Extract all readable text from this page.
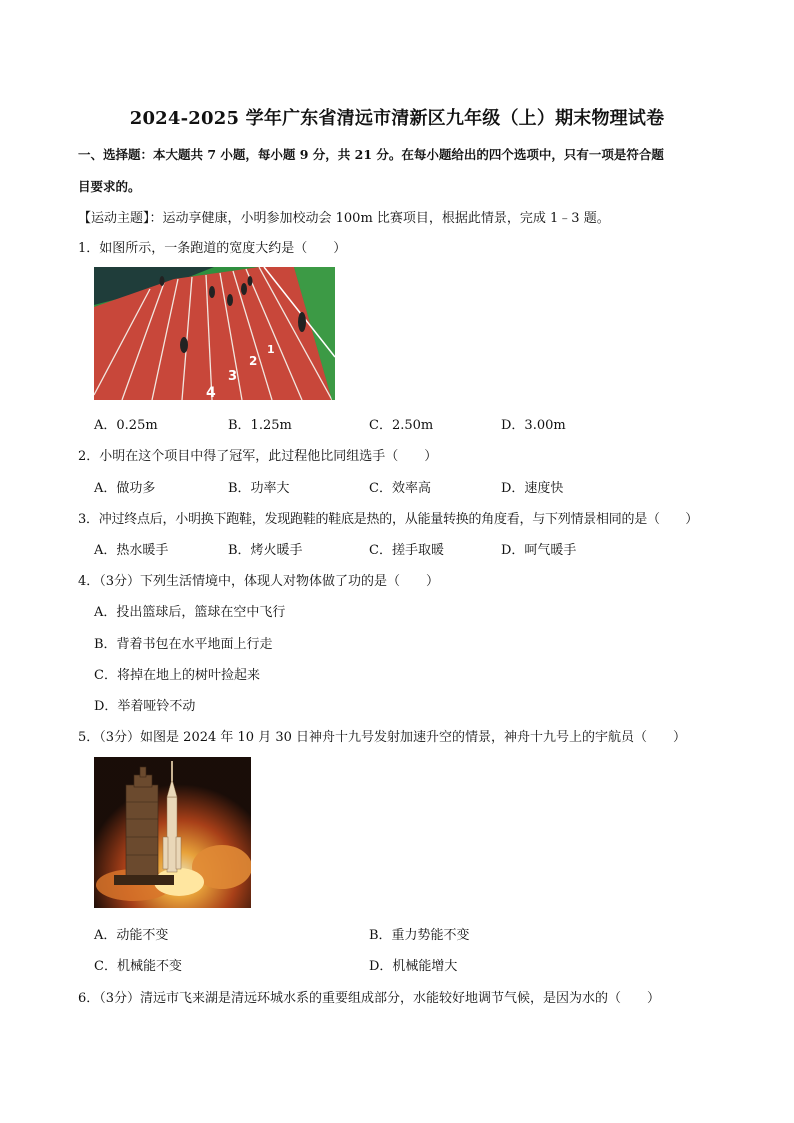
2024-2025 学年广东省清远市清新区九年级（上）期末物理试卷
一、选择题：本大题共 7 小题，每小题 9 分，共 21 分。在每小题给出的四个选项中，只有一项是符合题
目要求的。
【运动主题】：运动享健康，小明参加校动会 100m 比赛项目，根据此情景，完成 1﹣3 题。
1．如图所示，一条跑道的宽度大约是（　　）
4
3
2
1
A．0.25m	B．1.25m	C．2.50m	D．3.00m
2．小明在这个项目中得了冠军，此过程他比同组选手（　　）
A．做功多	B．功率大	C．效率高	D．速度快
3．冲过终点后，小明换下跑鞋，发现跑鞋的鞋底是热的，从能量转换的角度看，与下列情景相同的是（　　）
A．热水暖手	B．烤火暖手	C．搓手取暖	D．呵气暖手
4．（3分）下列生活情境中，体现人对物体做了功的是（　　）
A．投出篮球后，篮球在空中飞行
B．背着书包在水平地面上行走
C．将掉在地上的树叶捡起来
D．举着哑铃不动
5．（3分）如图是 2024 年 10 月 30 日神舟十九号发射加速升空的情景，神舟十九号上的宇航员（　　）
A．动能不变	B．重力势能不变
C．机械能不变	D．机械能增大
6．（3分）清远市飞来湖是清远环城水系的重要组成部分，水能较好地调节气候，是因为水的（　　）
